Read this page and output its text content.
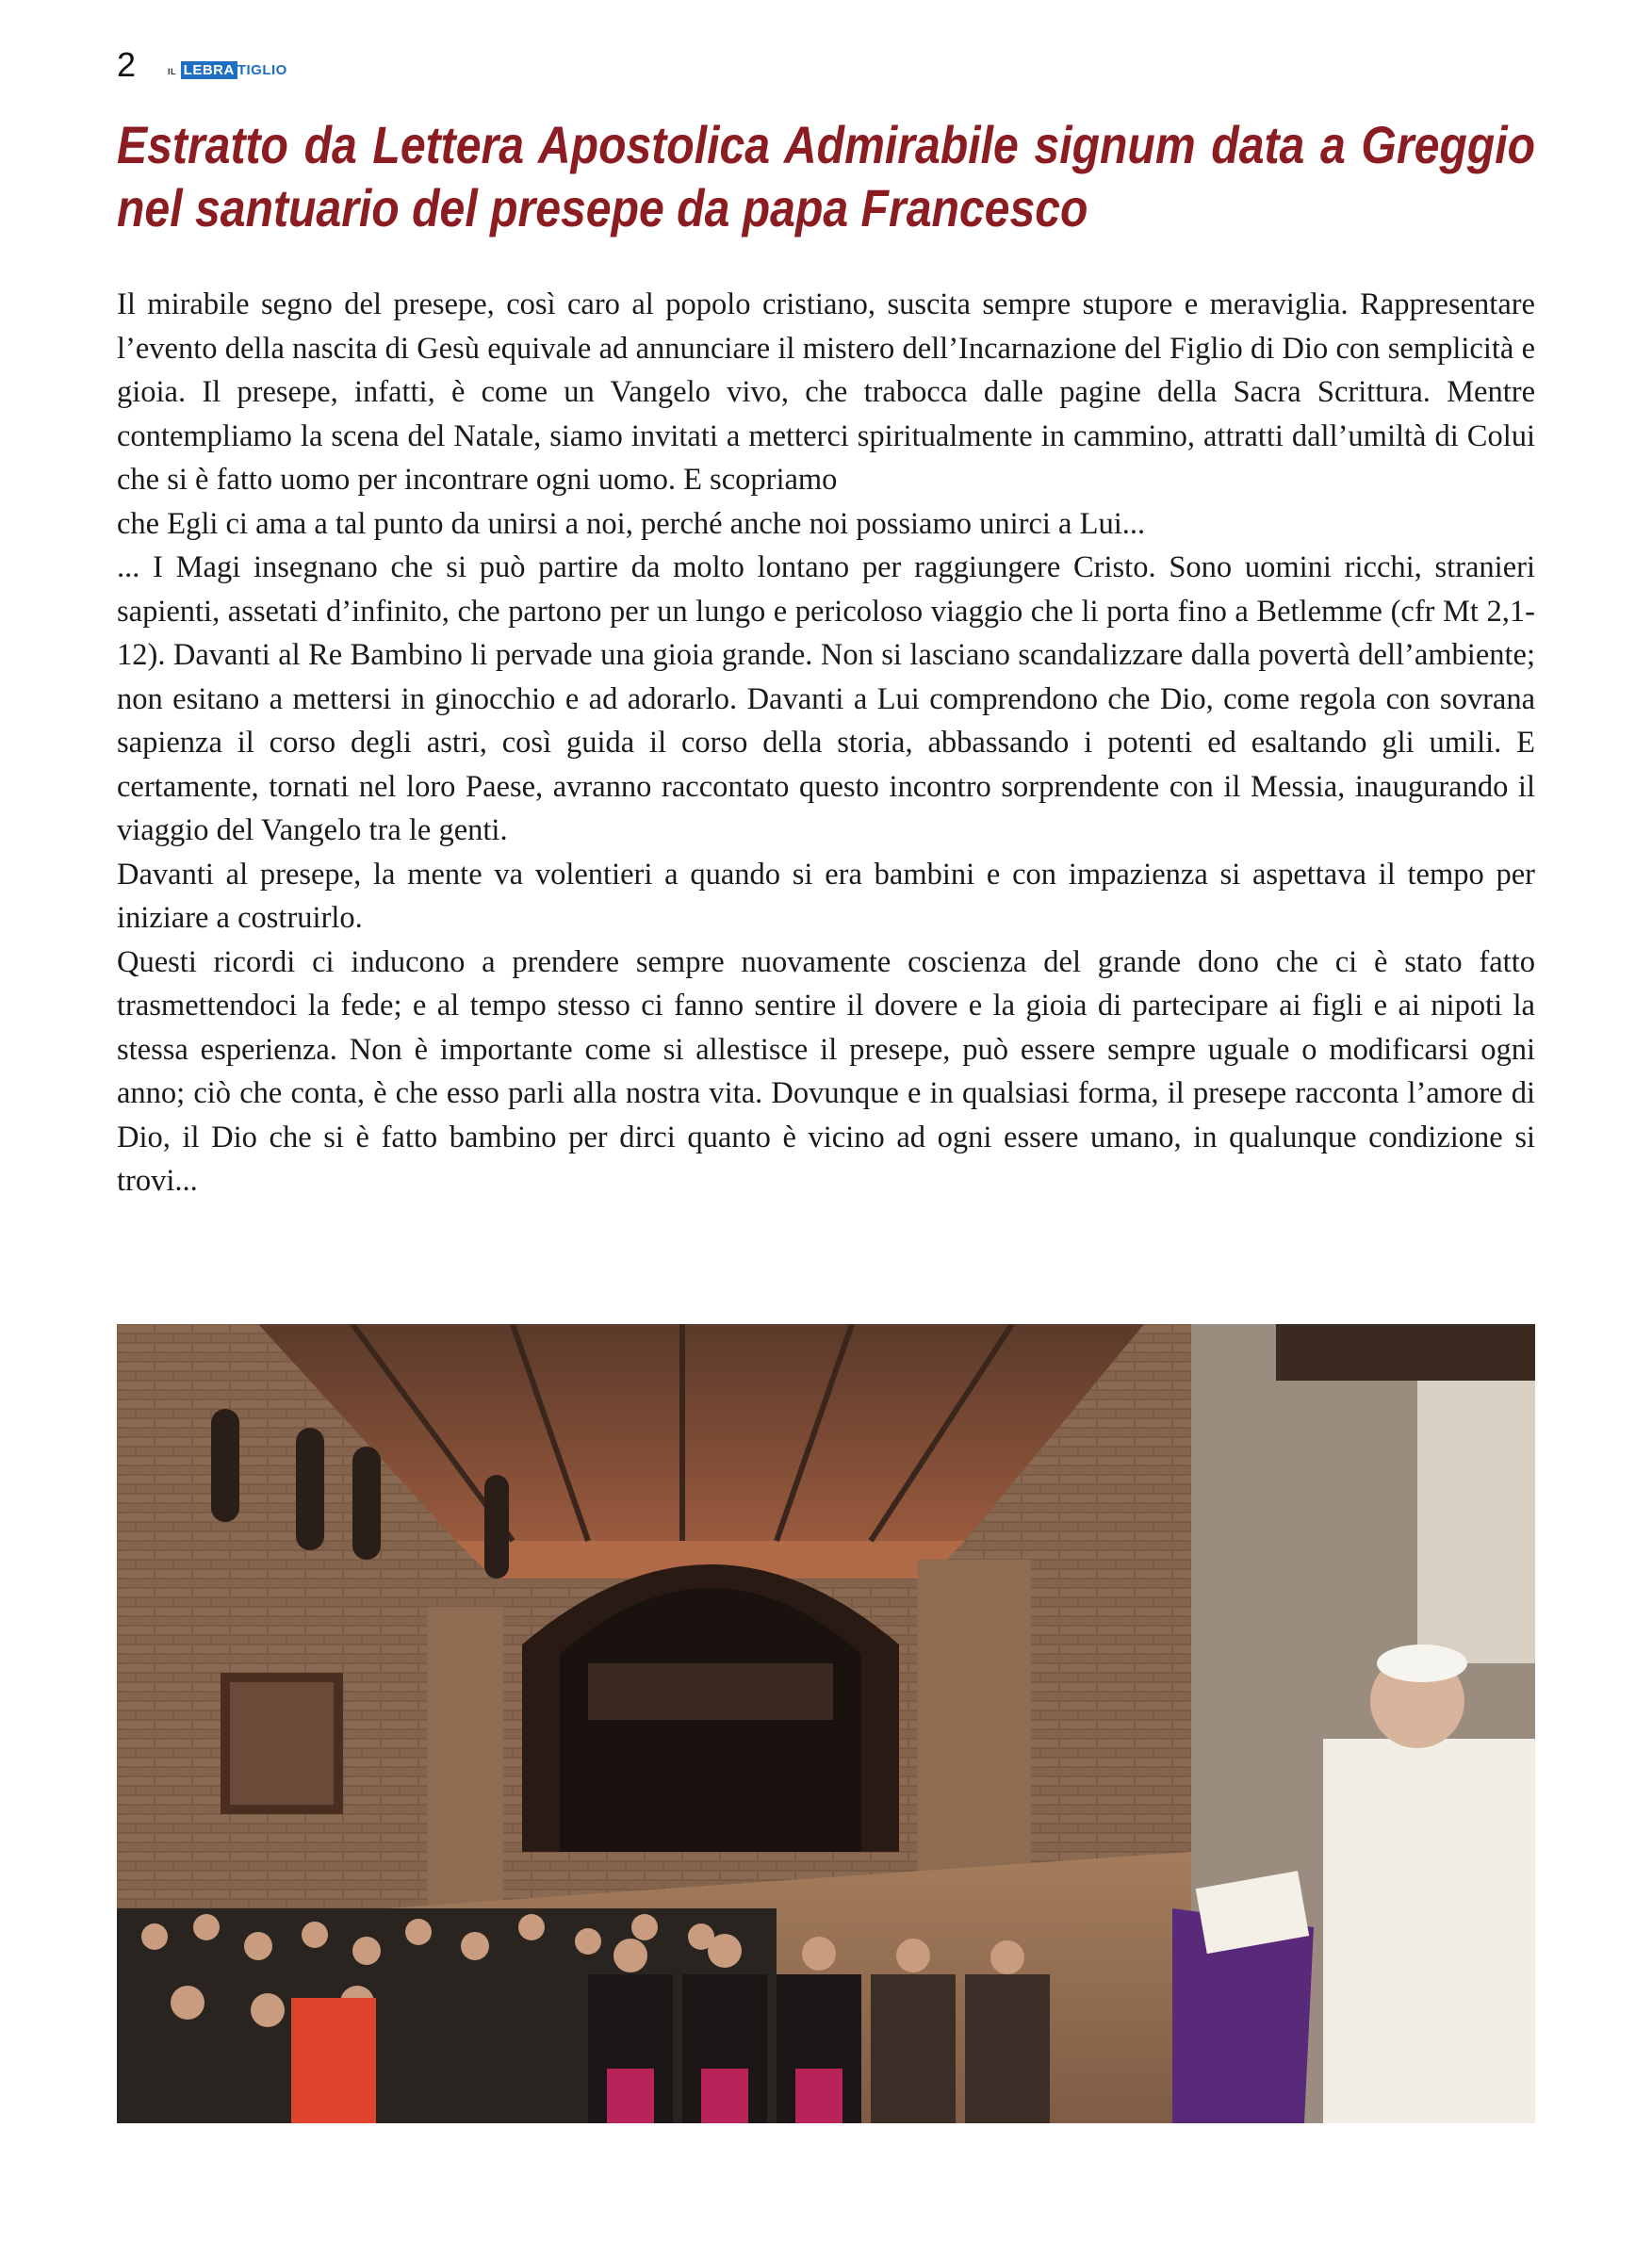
2	IL LEBRA TIGLIO
Estratto da Lettera Apostolica Admirabile signum data a Greggio nel santuario del presepe da papa Francesco

Il mirabile segno del presepe, così caro al popolo cristiano, suscita sempre stupore e meraviglia. Rappresentare l’evento della nascita di Gesù equivale ad annunciare il mistero dell’Incarnazione del Figlio di Dio con semplicità e gioia. Il presepe, infatti, è come un Vangelo vivo, che trabocca dalle pagine della Sacra Scrittura. Mentre contempliamo la scena del Natale, siamo invitati a metterci spiritualmente in cammino, attratti dall’umiltà di Colui che si è fatto uomo per incontrare ogni uomo. E scopriamo

che Egli ci ama a tal punto da unirsi a noi, perché anche noi possiamo unirci a Lui...

... I Magi insegnano che si può partire da molto lontano per raggiungere Cristo. Sono uomini ricchi, stranieri sapienti, assetati d’infinito, che partono per un lungo e pericoloso viaggio che li porta fino a Betlemme (cfr Mt 2,1-12). Davanti al Re Bambino li pervade una gioia grande. Non si lasciano scandalizzare dalla povertà dell’ambiente; non esitano a mettersi in ginocchio e ad adorarlo. Davanti a Lui comprendono che Dio, come regola con sovrana sapienza il corso degli astri, così guida il corso della storia, abbassando i potenti ed esaltando gli umili. E certamente, tornati nel loro Paese, avranno raccontato questo incontro sorprendente con il Messia, inaugurando il viaggio del Vangelo tra le genti.

Davanti al presepe, la mente va volentieri a quando si era bambini e con impazienza si aspettava il tempo per iniziare a costruirlo.

Questi ricordi ci inducono a prendere sempre nuovamente coscienza del grande dono che ci è stato fatto trasmettendoci la fede; e al tempo stesso ci fanno sentire il dovere e la gioia di partecipare ai figli e ai nipoti la stessa esperienza. Non è importante come si allestisce il presepe, può essere sempre uguale o modificarsi ogni anno; ciò che conta, è che esso parli alla nostra vita. Dovunque e in qualsiasi forma, il presepe racconta l’amore di Dio, il Dio che si è fatto bambino per dirci quanto è vicino ad ogni essere umano, in qualunque condizione si trovi...
